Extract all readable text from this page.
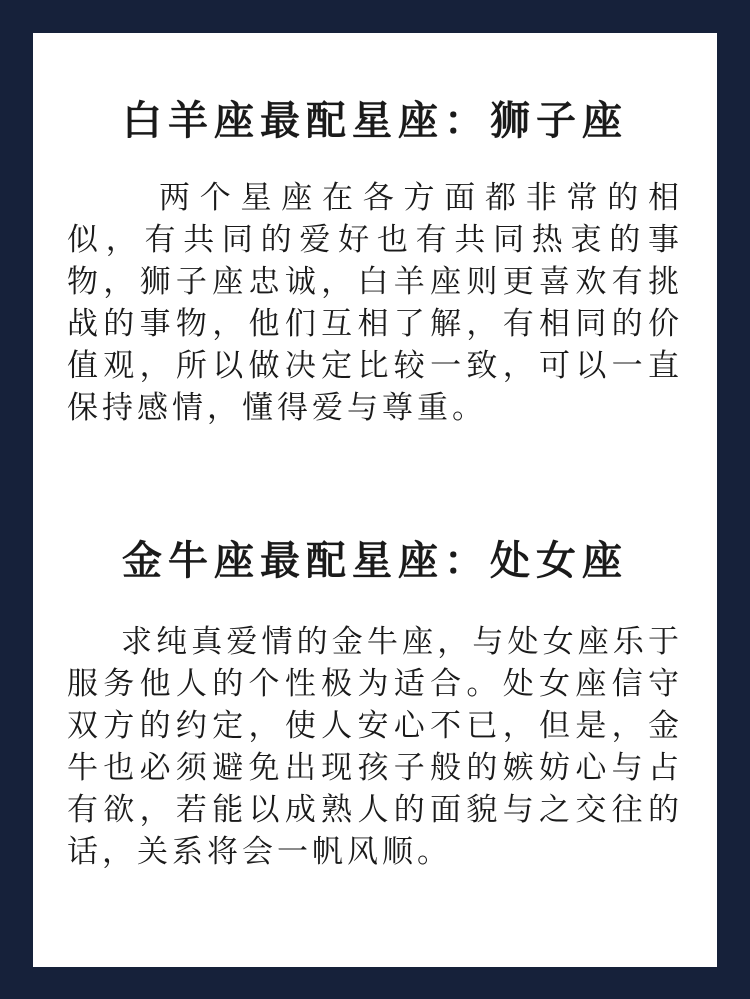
白羊座最配星座：狮子座

两个星座在各方面都非常的相似，有共同的爱好也有共同热衷的事物，狮子座忠诚，白羊座则更喜欢有挑战的事物，他们互相了解，有相同的价值观，所以做决定比较一致，可以一直保持感情，懂得爱与尊重。

金牛座最配星座：处女座

求纯真爱情的金牛座，与处女座乐于服务他人的个性极为适合。处女座信守双方的约定，使人安心不已，但是，金牛也必须避免出现孩子般的嫉妨心与占有欲，若能以成熟人的面貌与之交往的话，关系将会一帆风顺。
